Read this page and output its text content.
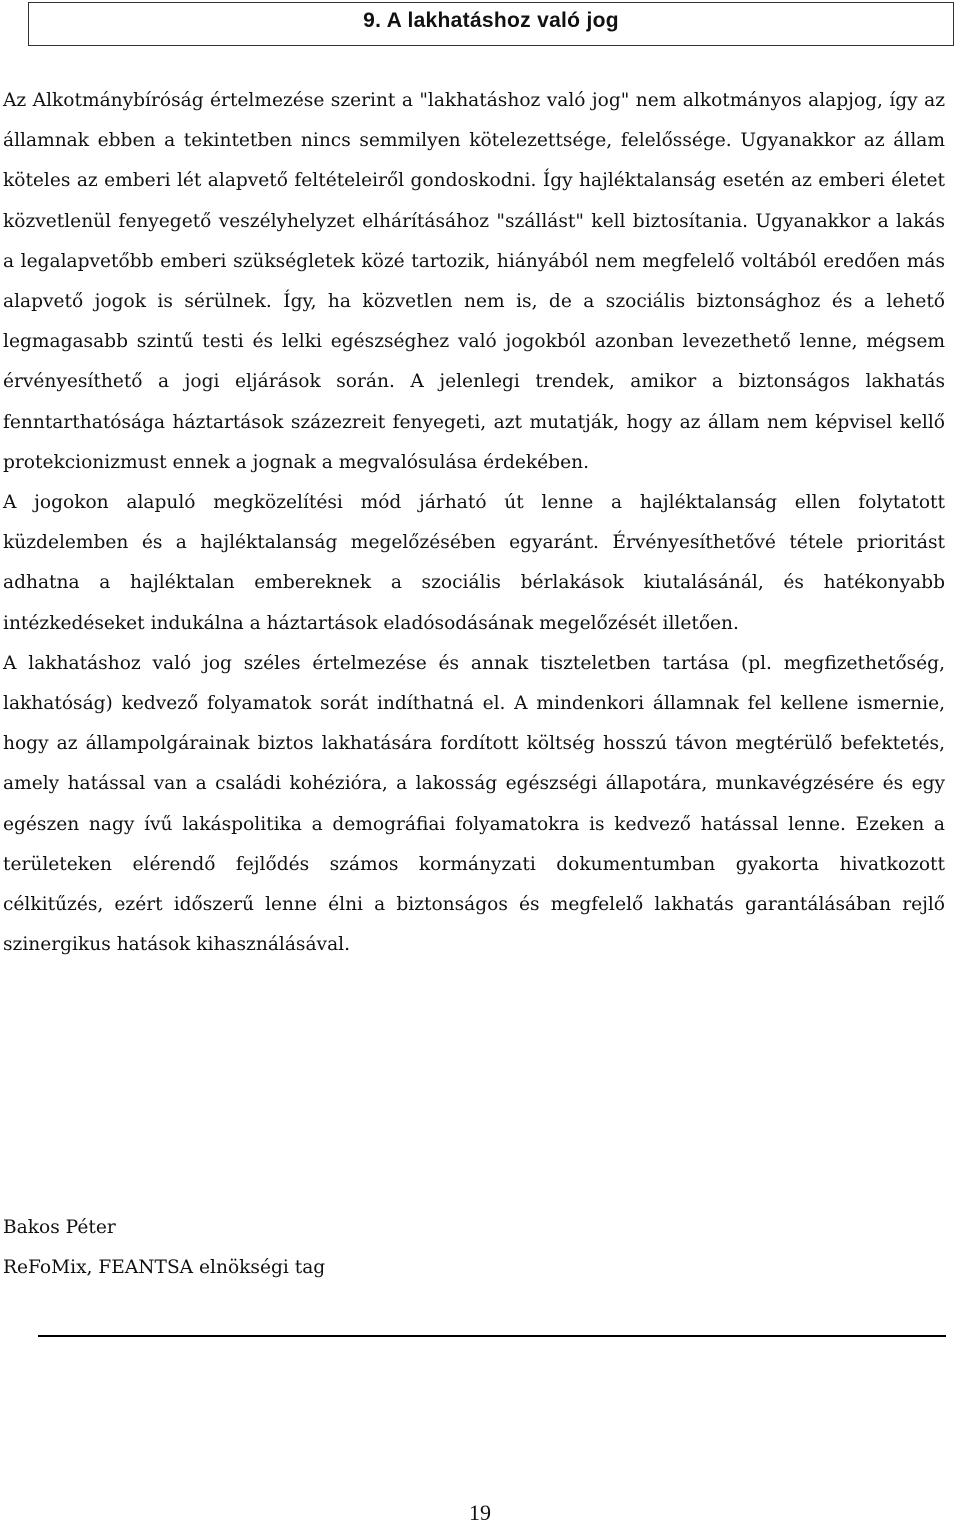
9. A lakhatáshoz való jog

Az Alkotmánybíróság értelmezése szerint a "lakhatáshoz való jog" nem alkotmányos alapjog, így az államnak ebben a tekintetben nincs semmilyen kötelezettsége, felelőssége. Ugyanakkor az állam köteles az emberi lét alapvető feltételeiről gondoskodni. Így hajléktalanság esetén az emberi életet közvetlenül fenyegető veszélyhelyzet elhárításához "szállást" kell biztosítania. Ugyanakkor a lakás a legalapvetőbb emberi szükségletek közé tartozik, hiányából nem megfelelő voltából eredően más alapvető jogok is sérülnek. Így, ha közvetlen nem is, de a szociális biztonsághoz és a lehető legmagasabb szintű testi és lelki egészséghez való jogokból azonban levezethető lenne, mégsem érvényesíthető a jogi eljárások során. A jelenlegi trendek, amikor a biztonságos lakhatás fenntarthatósága háztartások százezreit fenyegeti, azt mutatják, hogy az állam nem képvisel kellő protekcionizmust ennek a jognak a megvalósulása érdekében.

A jogokon alapuló megközelítési mód járható út lenne a hajléktalanság ellen folytatott küzdelemben és a hajléktalanság megelőzésében egyaránt. Érvényesíthetővé tétele prioritást adhatna a hajléktalan embereknek a szociális bérlakások kiutalásánál, és hatékonyabb intézkedéseket indukálna a háztartások eladósodásának megelőzését illetően.

A lakhatáshoz való jog széles értelmezése és annak tiszteletben tartása (pl. megfizethetőség, lakhatóság) kedvező folyamatok sorát indíthatná el. A mindenkori államnak fel kellene ismernie, hogy az állampolgárainak biztos lakhatására fordított költség hosszú távon megtérülő befektetés, amely hatással van a családi kohézióra, a lakosság egészségi állapotára, munkavégzésére és egy egészen nagy ívű lakáspolitika a demográfiai folyamatokra is kedvező hatással lenne. Ezeken a területeken elérendő fejlődés számos kormányzati dokumentumban gyakorta hivatkozott célkitűzés, ezért időszerű lenne élni a biztonságos és megfelelő lakhatás garantálásában rejlő szinergikus hatások kihasználásával.

Bakos Péter
ReFoMix, FEANTSA elnökségi tag
19
